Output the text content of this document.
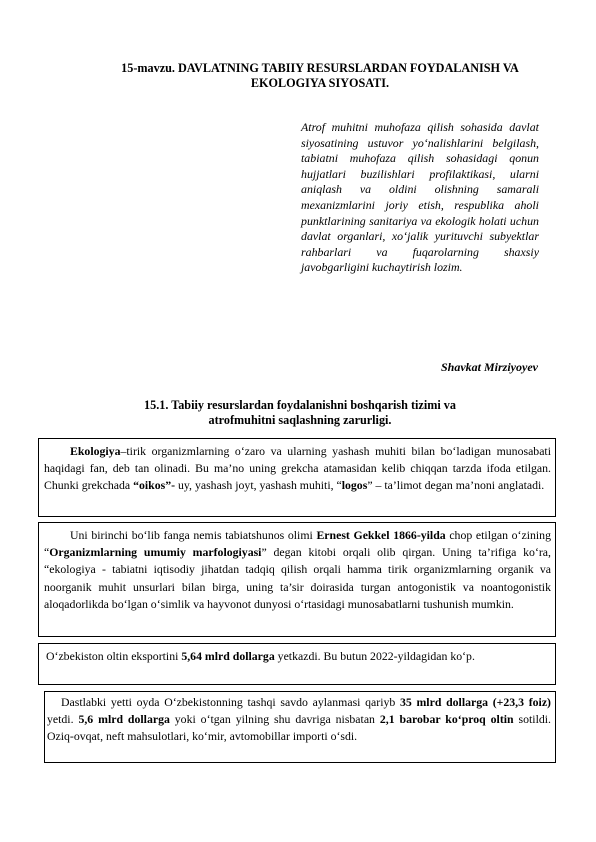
15-mavzu. DAVLATNING TABIIY RESURSLARDAN FOYDALANISH VA
EKOLOGIYA SIYOSATI.
Atrof muhitni muhofaza qilish sohasida davlat siyosatining ustuvor yo‘nalishlarini belgilash, tabiatni muhofaza qilish sohasidagi qonun hujjatlari buzilishlari profilaktikasi, ularni aniqlash va oldini olishning samarali mexanizmlarini joriy etish, respublika aholi punktlarining sanitariya va ekologik holati uchun davlat organlari, xo‘jalik yurituvchi subyektlar rahbarlari va fuqarolarning shaxsiy javobgarligini kuchaytirish lozim.
Shavkat Mirziyoyev
15.1. Tabiiy resurslardan foydalanishni boshqarish tizimi va
atrofmuhitni saqlashning zarurligi.

Ekologiya–tirik organizmlarning o‘zaro va ularning yashash muhiti bilan bo‘ladigan munosabati haqidagi fan, deb tan olinadi. Bu ma’no uning grekcha atamasidan kelib chiqqan tarzda ifoda etilgan. Chunki grekchada “oikos”- uy, yashash joyt, yashash muhiti, “logos” – ta’limot degan ma’noni anglatadi.

Uni birinchi bo‘lib fanga nemis tabiatshunos olimi Ernest Gekkel 1866-yilda chop etilgan o‘zining “Organizmlarning umumiy marfologiyasi” degan kitobi orqali olib qirgan. Uning ta’rifiga ko‘ra, “ekologiya - tabiatni iqtisodiy jihatdan tadqiq qilish orqali hamma tirik organizmlarning organik va noorganik muhit unsurlari bilan birga, uning ta’sir doirasida turgan antogonistik va noantogonistik aloqadorlikda bo‘lgan o‘simlik va hayvonot dunyosi o‘rtasidagi munosabatlarni tushunish mumkin.

O‘zbekiston oltin eksportini 5,64 mlrd dollarga yetkazdi. Bu butun 2022-yildagidan ko‘p.

Dastlabki yetti oyda O‘zbekistonning tashqi savdo aylanmasi qariyb 35 mlrd dollarga (+23,3 foiz) yetdi. 5,6 mlrd dollarga yoki o‘tgan yilning shu davriga nisbatan 2,1 barobar ko‘proq oltin sotildi. Oziq-ovqat, neft mahsulotlari, ko‘mir, avtomobillar importi o‘sdi.
